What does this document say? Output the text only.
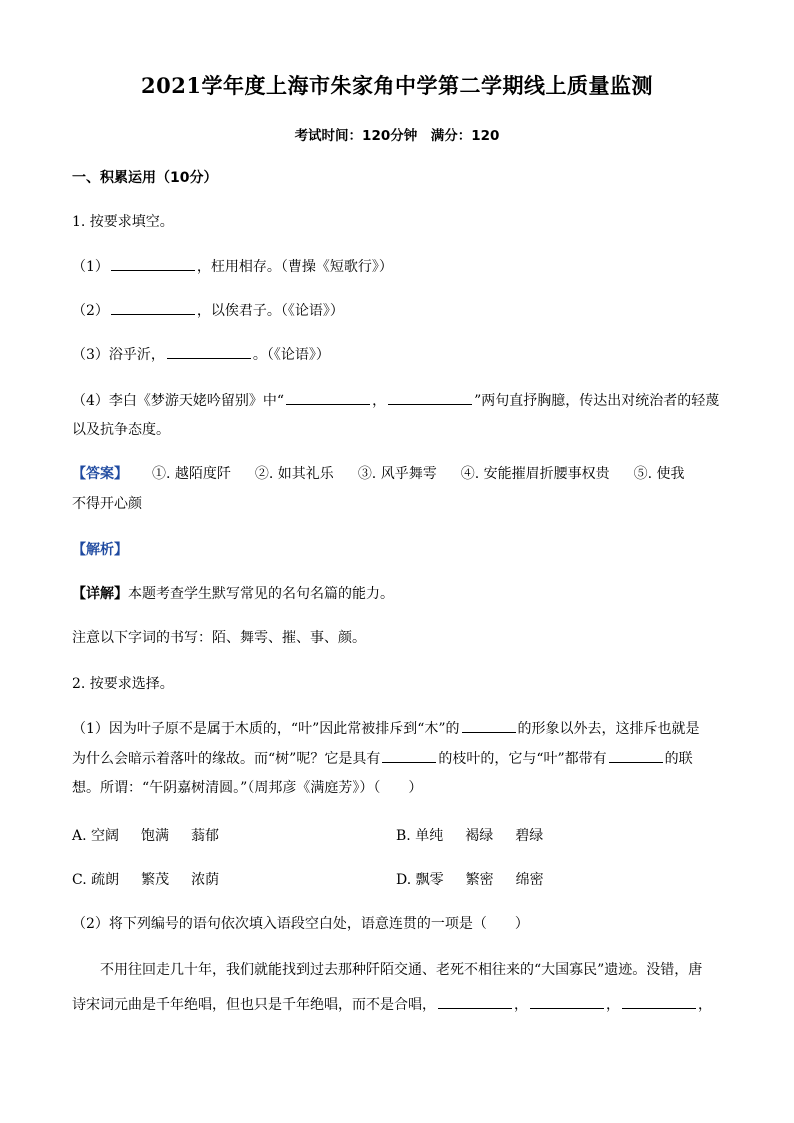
2021学年度上海市朱家角中学第二学期线上质量监测
考试时间：120分钟　满分：120
一、积累运用（10分）
1. 按要求填空。
（1）	，枉用相存。（曹操《短歌行》）
（2）	，以俟君子。（《论语》）
（3）浴乎沂，	。（《论语》）
（4）李白《梦游天姥吟留别》中“	，	”两句直抒胸臆，传达出对统治者的轻蔑
以及抗争态度。
【答案】 ①. 越陌度阡 ②. 如其礼乐 ③. 风乎舞雩 ④. 安能摧眉折腰事权贵 ⑤. 使我
不得开心颜
【解析】
【详解】本题考查学生默写常见的名句名篇的能力。
注意以下字词的书写：陌、舞雩、摧、事、颜。
2. 按要求选择。
（1）因为叶子原不是属于木质的，“叶”因此常被排斥到“木”的	的形象以外去，这排斥也就是
为什么会暗示着落叶的缘故。而“树”呢？它是具有	的枝叶的，它与“叶”都带有	的联
想。所谓：“午阴嘉树清圆。”（周邦彦《满庭芳》）（　　）
A. 空阔 饱满 蓊郁	B. 单纯 褐绿 碧绿
C. 疏朗 繁茂 浓荫	D. 飘零 繁密 绵密
（2）将下列编号的语句依次填入语段空白处，语意连贯的一项是（　　）
不用往回走几十年，我们就能找到过去那种阡陌交通、老死不相往来的“大国寡民”遗迹。没错，唐
诗宋词元曲是千年绝唱，但也只是千年绝唱，而不是合唱，	，	，	，
